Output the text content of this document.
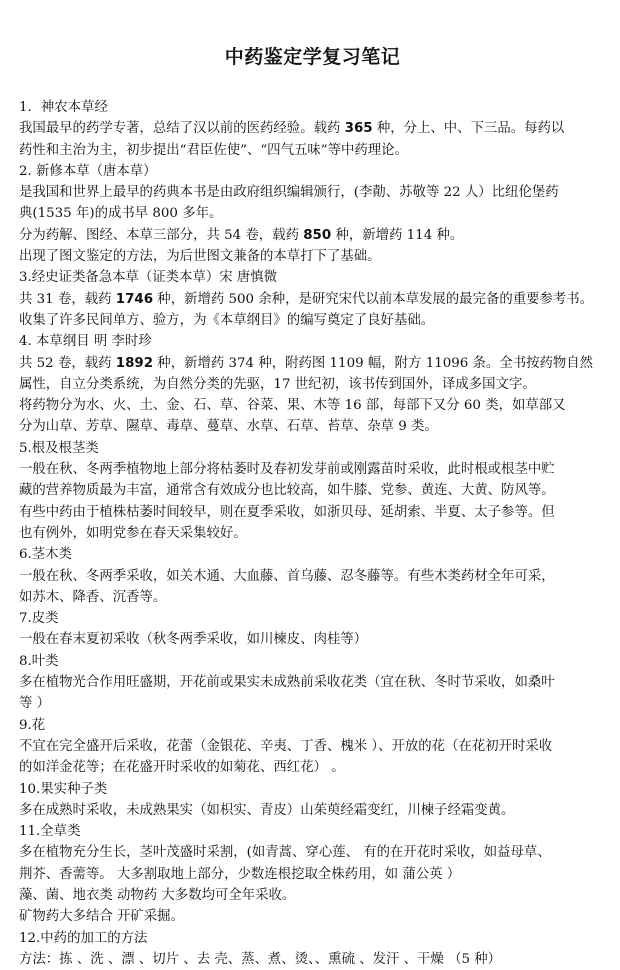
中药鉴定学复习笔记
1．神农本草经
我国最早的药学专著，总结了汉以前的医药经验。载药 365 种，分上、中、下三品。每药以
药性和主治为主，初步提出“君臣佐使”、“四气五味”等中药理论。
2. 新修本草（唐本草）
是我国和世界上最早的药典本书是由政府组织编辑颁行，(李勣、苏敬等 22 人）比纽伦堡药
典(1535 年)的成书早 800 多年。
分为药解、图经、本草三部分，共 54 卷，载药 850 种，新增药 114 种。
出现了图文鉴定的方法，为后世图文兼备的本草打下了基础。
3.经史证类备急本草（证类本草）宋 唐慎微
共 31 卷，载药 1746 种，新增药 500 余种，是研究宋代以前本草发展的最完备的重要参考书。
收集了许多民间单方、验方，为《本草纲目》的编写奠定了良好基础。
4. 本草纲目 明 李时珍
共 52 卷，载药 1892 种，新增药 374 种，附药图 1109 幅，附方 11096 条。全书按药物自然
属性，自立分类系统，为自然分类的先驱，17 世纪初，该书传到国外，译成多国文字。
将药物分为水、火、土、金、石、草、谷菜、果、木等 16 部，每部下又分 60 类，如草部又
分为山草、芳草、隰草、毒草、蔓草、水草、石草、苔草、杂草 9 类。
5.根及根茎类
一般在秋、冬两季植物地上部分将枯萎时及春初发芽前或刚露苗时采收，此时根或根茎中贮
藏的营养物质最为丰富，通常含有效成分也比较高，如牛膝、党参、黄连、大黄、防风等。
有些中药由于植株枯萎时间较早，则在夏季采收，如浙贝母、延胡索、半夏、太子参等。但
也有例外，如明党参在春天采集较好。
6.茎木类
一般在秋、冬两季采收，如关木通、大血藤、首乌藤、忍冬藤等。有些木类药材全年可采，
如苏木、降香、沉香等。
7.皮类
一般在春末夏初采收（秋冬两季采收，如川楝皮、肉桂等）
8.叶类
多在植物光合作用旺盛期，开花前或果实未成熟前采收花类（宜在秋、冬时节采收，如桑叶
等 ）
9.花
不宜在完全盛开后采收，花蕾（金银花、辛夷、丁香、槐米 ）、开放的花（在花初开时采收
的如洋金花等；在花盛开时采收的如菊花、西红花） 。
10.果实种子类
多在成熟时采收，未成熟果实（如枳实、青皮）山茱萸经霜变红，川楝子经霜变黄。
11.全草类
多在植物充分生长，茎叶茂盛时采割，(如青蒿、穿心莲、 有的在开花时采收，如益母草、
荆芥、香薷等。 大多割取地上部分，少数连根挖取全株药用，如 蒲公英 ）
藻、菌、地衣类 动物药 大多数均可全年采收。
矿物药大多结合 开矿采掘。
12.中药的加工的方法
方法：拣 、洗 、漂 、切片 、去 壳、蒸、煮、烫、、熏硫 、发汗 、干燥 （5 种）
